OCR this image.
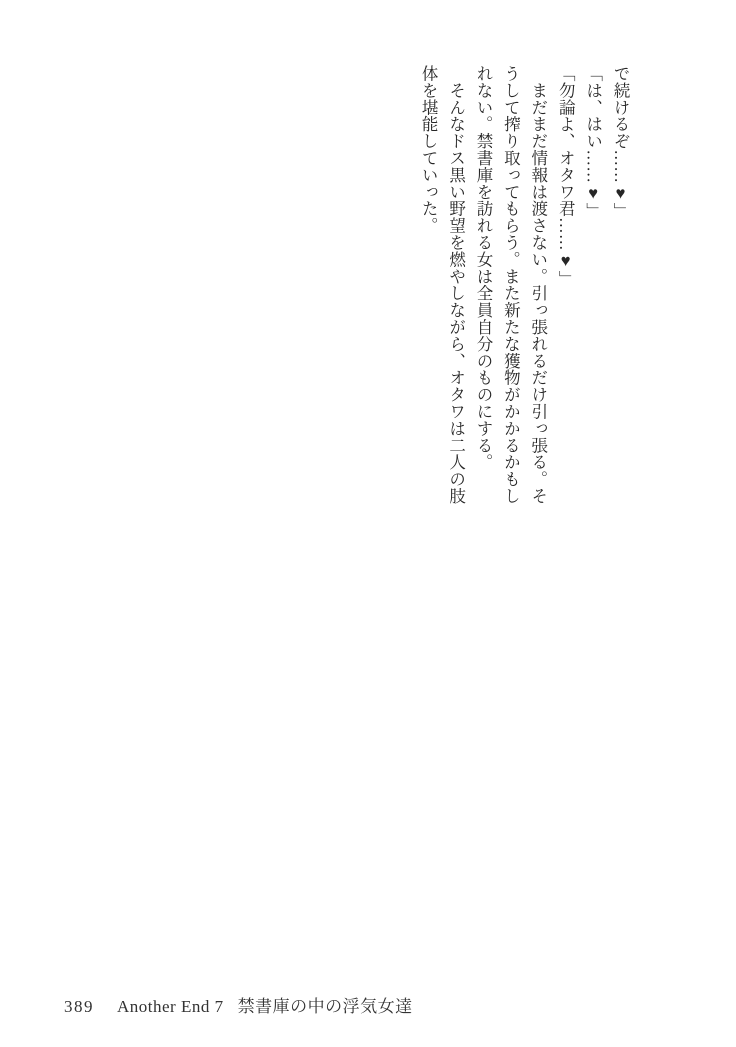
で続けるぞ……♥」
「は、はい……♥」
「勿論よ、オタワ君……♥」
　まだまだ情報は渡さない。引っ張れるだけ引っ張る。そ
うして搾り取ってもらう。また新たな獲物がかかるかもし
れない。禁書庫を訪れる女は全員自分のものにする。
　そんなドス黒い野望を燃やしながら、オタワは二人の肢
体を堪能していった。
389 Another End 7 禁書庫の中の浮気女達
